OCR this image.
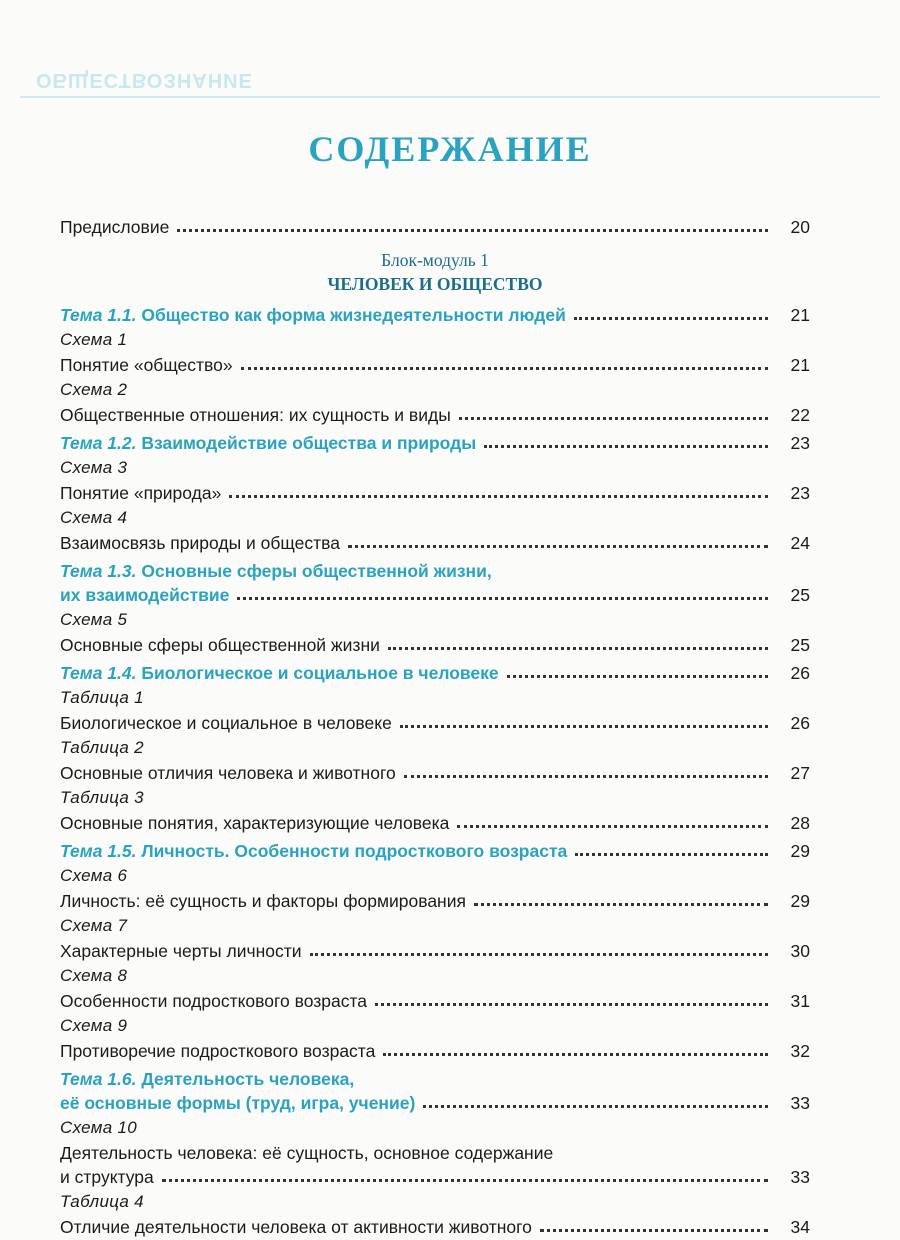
ОБЩЕСТВОЗНАНИЕ
СОДЕРЖАНИЕ
Предисловие	20
Блок-модуль 1
ЧЕЛОВЕК И ОБЩЕСТВО
Тема 1.1. Общество как форма жизнедеятельности людей	21
Схема 1
Понятие «общество»	21
Схема 2
Общественные отношения: их сущность и виды	22
Тема 1.2. Взаимодействие общества и природы	23
Схема 3
Понятие «природа»	23
Схема 4
Взаимосвязь природы и общества	24
Тема 1.3. Основные сферы общественной жизни,
их взаимодействие	25
Схема 5
Основные сферы общественной жизни	25
Тема 1.4. Биологическое и социальное в человеке	26
Таблица 1
Биологическое и социальное в человеке	26
Таблица 2
Основные отличия человека и животного	27
Таблица 3
Основные понятия, характеризующие человека	28
Тема 1.5. Личность. Особенности подросткового возраста	29
Схема 6
Личность: её сущность и факторы формирования	29
Схема 7
Характерные черты личности	30
Схема 8
Особенности подросткового возраста	31
Схема 9
Противоречие подросткового возраста	32
Тема 1.6. Деятельность человека,
её основные формы (труд, игра, учение)	33
Схема 10
Деятельность человека: её сущность, основное содержание
и структура	33
Таблица 4
Отличие деятельности человека от активности животного	34
